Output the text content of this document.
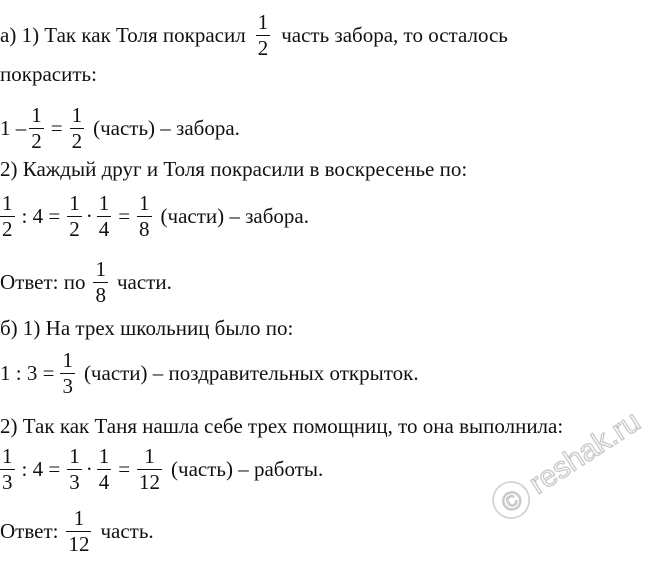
а) 1) Так как Толя покрасил $\frac{1}{2}$ часть забора, то осталось
покрасить:
$1 - \frac{1}{2} = \frac{1}{2}$ (часть) – забора.
2) Каждый друг и Толя покрасили в воскресенье по:
$\frac{1}{2}$ : $4 = \frac{1}{2} \cdot \frac{1}{4} = \frac{1}{8}$ (части) – забора.
Ответ: по $\frac{1}{8}$ части.
б) 1) На трех школьниц было по:
1 : $3 = \frac{1}{3}$ (части) – поздравительных открыток.
2) Так как Таня нашла себе трех помощниц, то она выполнила:
$\frac{1}{3}$ : $4 = \frac{1}{3} \cdot \frac{1}{4} = \frac{1}{12}$ (часть) – работы.
Ответ: $\frac{1}{12}$ часть.
©
reshak.ru
